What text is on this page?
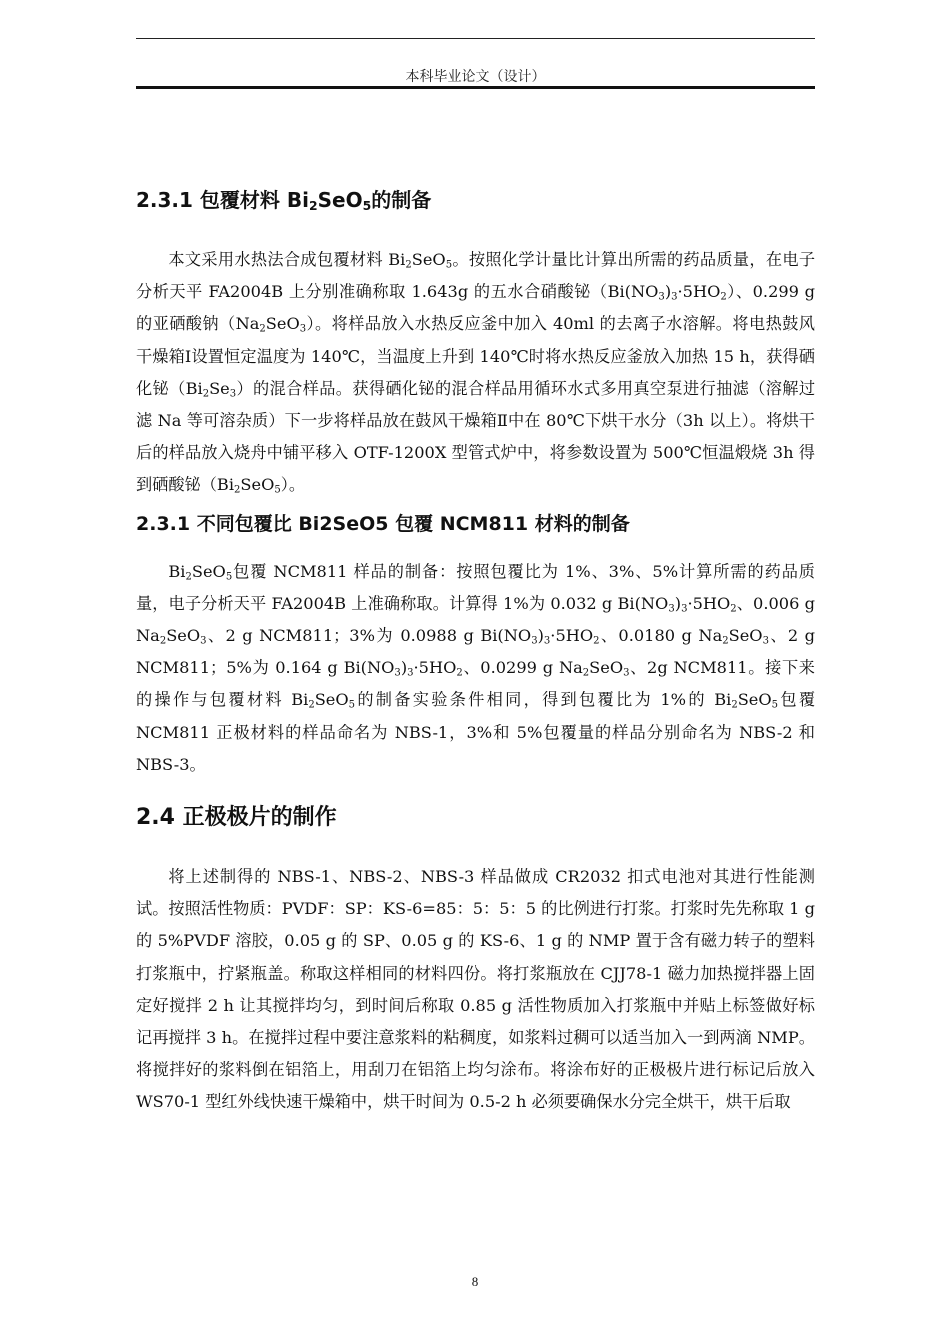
本科毕业论文（设计）
2.3.1 包覆材料 $Bi_2SeO_5$的制备

本文采用水热法合成包覆材料 $Bi_2SeO_5$。按照化学计量比计算出所需的药品质量，在电子分析天平 FA2004B 上分别准确称取 1.643g 的五水合硝酸铋$(Bi(NO_3)_3\cdot 5HO_2)$、0.299 g 的亚硒酸钠$(Na_2SeO_3)$。将样品放入水热反应釜中加入 40ml 的去离子水溶解。将电热鼓风干燥箱Ⅰ设置恒定温度为 140℃，当温度上升到 140℃时将水热反应釜放入加热 15 h，获得硒化铋$(Bi_2Se_3)$的混合样品。获得硒化铋的混合样品用循环水式多用真空泵进行抽滤（溶解过滤 Na 等可溶杂质）下一步将样品放在鼓风干燥箱Ⅱ中在 80℃下烘干水分（3h 以上）。将烘干后的样品放入烧舟中铺平移入 OTF-1200X 型管式炉中，将参数设置为 500℃恒温煅烧 3h 得到硒酸铋$(Bi_2SeO_5)$。

2.3.1 不同包覆比 Bi2SeO5 包覆 NCM811 材料的制备

$Bi_2SeO_5$包覆 NCM811 样品的制备：按照包覆比为 1%、3%、5%计算所需的药品质量，电子分析天平 FA2004B 上准确称取。计算得 1%为 0.032 g $Bi(NO_3)_3\cdot 5HO_2$、0.006 g $Na_2SeO_3$、2 g NCM811；3%为 0.0988 g $Bi(NO_3)_3\cdot 5HO_2$、0.0180 g $Na_2SeO_3$、2 g NCM811；5%为 0.164 g $Bi(NO_3)_3\cdot 5HO_2$、0.0299 g $Na_2SeO_3$、2g NCM811。接下来的操作与包覆材料 $Bi_2SeO_5$的制备实验条件相同，得到包覆比为 1%的 $Bi_2SeO_5$包覆 NCM811 正极材料的样品命名为 NBS-1，3%和 5%包覆量的样品分别命名为 NBS-2 和 NBS-3。

2.4 正极极片的制作

将上述制得的 NBS-1、NBS-2、NBS-3 样品做成 CR2032 扣式电池对其进行性能测试。按照活性物质：PVDF：SP：KS-6=85：5：5：5 的比例进行打浆。打浆时先先称取 1 g 的 5%PVDF 溶胶，0.05 g 的 SP、0.05 g 的 KS-6、1 g 的 NMP 置于含有磁力转子的塑料打浆瓶中，拧紧瓶盖。称取这样相同的材料四份。将打浆瓶放在 CJJ78-1 磁力加热搅拌器上固定好搅拌 2 h 让其搅拌均匀，到时间后称取 0.85 g 活性物质加入打浆瓶中并贴上标签做好标记再搅拌 3 h。在搅拌过程中要注意浆料的粘稠度，如浆料过稠可以适当加入一到两滴 NMP。将搅拌好的浆料倒在铝箔上，用刮刀在铝箔上均匀涂布。将涂布好的正极极片进行标记后放入 WS70-1 型红外线快速干燥箱中，烘干时间为 0.5-2 h 必须要确保水分完全烘干，烘干后取

8
